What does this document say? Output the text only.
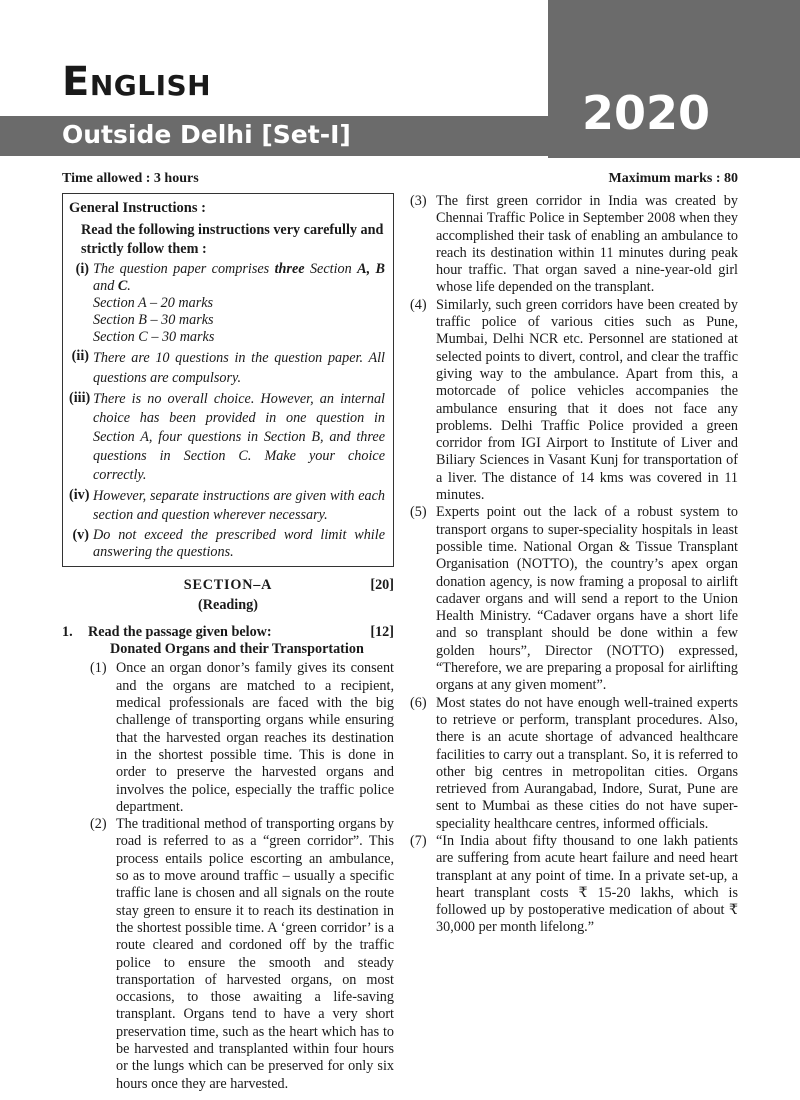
English
Outside Delhi [Set-I]	2020
Time allowed : 3 hours	Maximum marks : 80

General Instructions :

Read the following instructions very carefully and strictly follow them :

(i) The question paper comprises three Section A, B and C.

Section A – 20 marks

Section B – 30 marks

Section C – 30 marks

(ii) There are 10 questions in the question paper. All questions are compulsory.
(iii) There is no overall choice. However, an internal choice has been provided in one question in Section A, four questions in Section B, and three questions in Section C. Make your choice correctly.
(iv) However, separate instructions are given with each section and question wherever necessary.
(v) Do not exceed the prescribed word limit while answering the questions.
SECTION–A	[20]
(Reading)
1.	Read the passage given below:	[12]

Donated Organs and their Transportation

(1) Once an organ donor’s family gives its consent and the organs are matched to a recipient, medical professionals are faced with the big challenge of transporting organs while ensuring that the harvested organ reaches its destination in the shortest possible time. This is done in order to preserve the harvested organs and involves the police, especially the traffic police department.
(2) The traditional method of transporting organs by road is referred to as a “green corridor”. This process entails police escorting an ambulance, so as to move around traffic – usually a specific traffic lane is chosen and all signals on the route stay green to ensure it to reach its destination in the shortest possible time. A ‘green corridor’ is a route cleared and cordoned off by the traffic police to ensure the smooth and steady transportation of harvested organs, on most occasions, to those awaiting a life-saving transplant. Organs tend to have a very short preservation time, such as the heart which has to be harvested and transplanted within four hours or the lungs which can be preserved for only six hours once they are harvested.
(3) The first green corridor in India was created by Chennai Traffic Police in September 2008 when they accomplished their task of enabling an ambulance to reach its destination within 11 minutes during peak hour traffic. That organ saved a nine-year-old girl whose life depended on the transplant.
(4) Similarly, such green corridors have been created by traffic police of various cities such as Pune, Mumbai, Delhi NCR etc. Personnel are stationed at selected points to divert, control, and clear the traffic giving way to the ambulance. Apart from this, a motorcade of police vehicles accompanies the ambulance ensuring that it does not face any problems. Delhi Traffic Police provided a green corridor from IGI Airport to Institute of Liver and Biliary Sciences in Vasant Kunj for transportation of a liver. The distance of 14 kms was covered in 11 minutes.
(5) Experts point out the lack of a robust system to transport organs to super-speciality hospitals in least possible time. National Organ & Tissue Transplant Organisation (NOTTO), the country’s apex organ donation agency, is now framing a proposal to airlift cadaver organs and will send a report to the Union Health Ministry. “Cadaver organs have a short life and so transplant should be done within a few golden hours”, Director (NOTTO) expressed, “Therefore, we are preparing a proposal for airlifting organs at any given moment”.
(6) Most states do not have enough well-trained experts to retrieve or perform, transplant procedures. Also, there is an acute shortage of advanced healthcare facilities to carry out a transplant. So, it is referred to other big centres in metropolitan cities. Organs retrieved from Aurangabad, Indore, Surat, Pune are sent to Mumbai as these cities do not have super-speciality healthcare centres, informed officials.
(7) “In India about fifty thousand to one lakh patients are suffering from acute heart failure and need heart transplant at any point of time. In a private set-up, a heart transplant costs ₹ 15-20 lakhs, which is followed up by postoperative medication of about ₹ 30,000 per month lifelong.”
